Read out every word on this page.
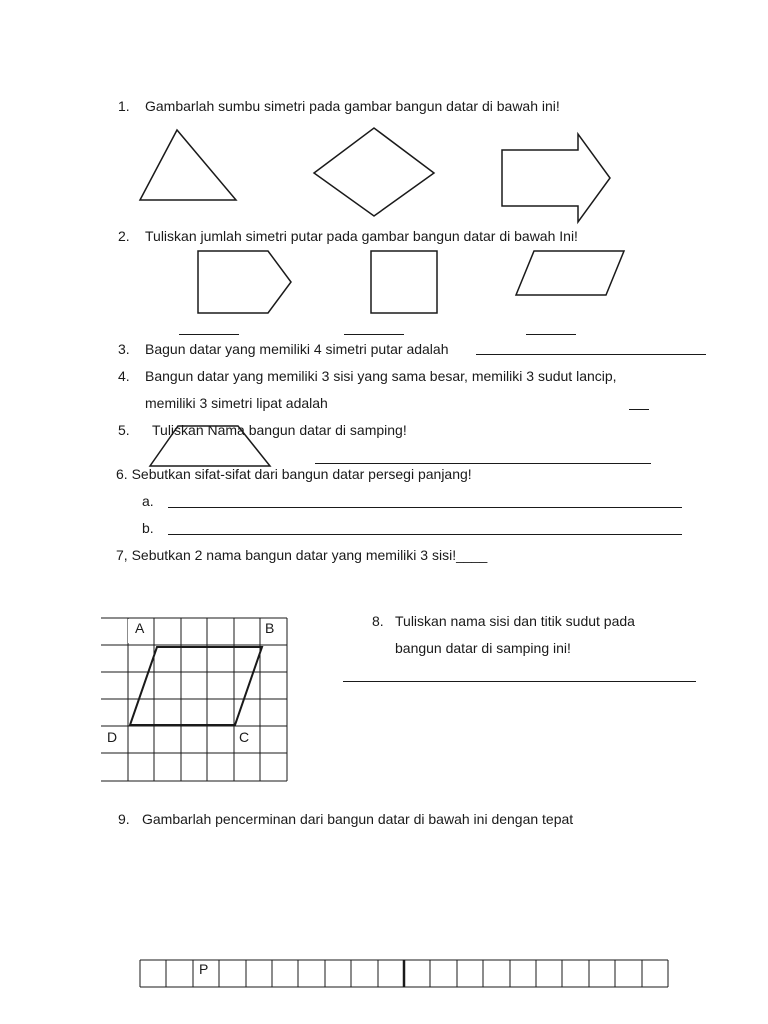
1. Gambarlah sumbu simetri pada gambar bangun datar di bawah ini!
2. Tuliskan jumlah simetri putar pada gambar bangun datar di bawah Ini!
3. Bagun datar yang memiliki 4 simetri putar adalah
4. Bangun datar yang memiliki 3 sisi yang sama besar, memiliki 3 sudut lancip,
memiliki 3 simetri lipat adalah
5. Tuliskan Nama bangun datar di samping!
6. Sebutkan sifat-sifat dari bangun datar persegi panjang!
a.
b.
7, Sebutkan 2 nama bangun datar yang memiliki 3 sisi!____
A	B
D	C
8. Tuliskan nama sisi dan titik sudut pada
bangun datar di samping ini!
9. Gambarlah pencerminan dari bangun datar di bawah ini dengan tepat
P
